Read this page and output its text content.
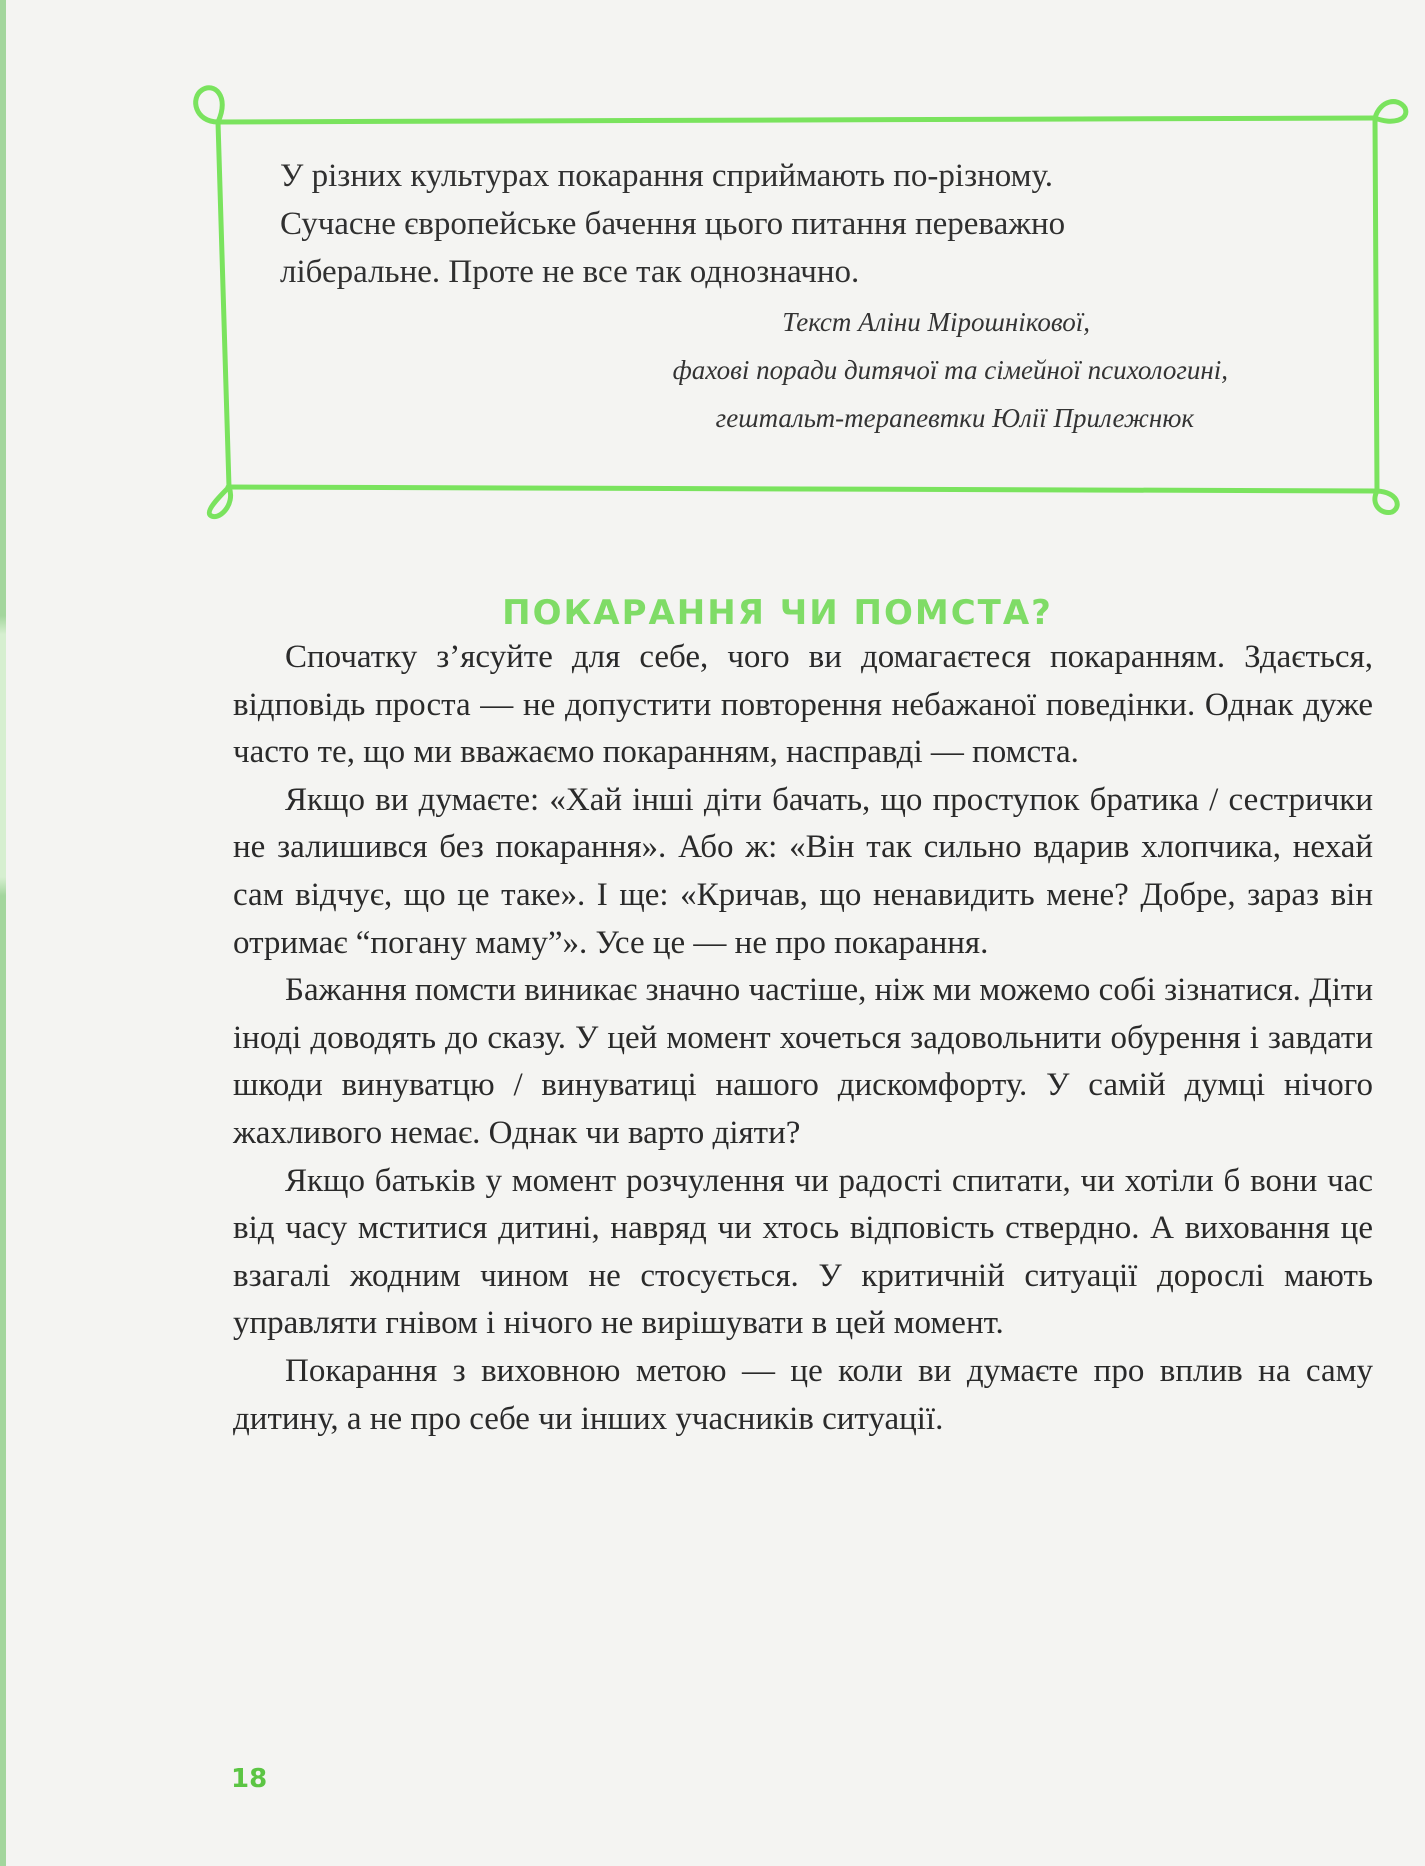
У різних культурах покарання сприймають по-різному.
Сучасне європейське бачення цього питання переважно
ліберальне. Проте не все так однозначно.

Текст Аліни Мірошнікової,
фахові поради дитячої та сімейної психологині,
гештальт-терапевтки Юлії Прилежнюк
ПОКАРАННЯ ЧИ ПОМСТА?

Спочатку з’ясуйте для себе, чого ви домагаєтеся покаранням. Здається, відповідь проста — не допустити повторення небажаної поведінки. Однак дуже часто те, що ми вважаємо покаранням, насправді — помста.

Якщо ви думаєте: «Хай інші діти бачать, що проступок братика / сестрички не залишився без покарання». Або ж: «Він так сильно вдарив хлопчика, нехай сам відчує, що це таке». І ще: «Кричав, що ненавидить мене? Добре, зараз він отримає “погану маму”». Усе це — не про покарання.

Бажання помсти виникає значно частіше, ніж ми можемо собі зізнатися. Діти іноді доводять до сказу. У цей момент хочеться задовольнити обурення і завдати шкоди винуватцю / винуватиці нашого дискомфорту. У самій думці нічого жахливого немає. Однак чи варто діяти?

Якщо батьків у момент розчулення чи радості спитати, чи хотіли б вони час від часу мститися дитині, навряд чи хтось відповість ствердно. А виховання це взагалі жодним чином не стосується. У критичній ситуації дорослі мають управляти гнівом і нічого не вирішувати в цей момент.

Покарання з виховною метою — це коли ви думаєте про вплив на саму дитину, а не про себе чи інших учасників ситуації.

18
